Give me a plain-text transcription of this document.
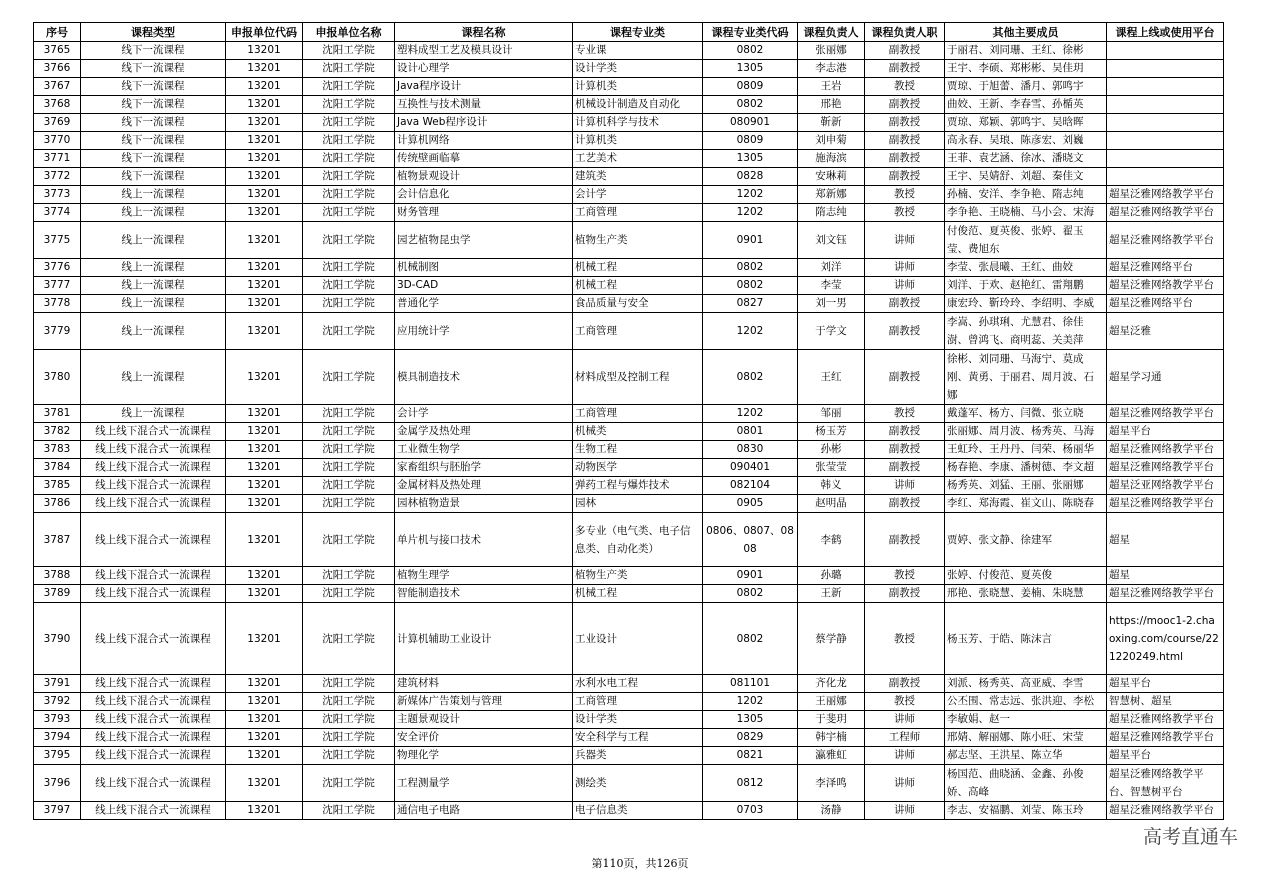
序号	课程类型	申报单位代码	申报单位名称	课程名称	课程专业类	课程专业类代码	课程负责人	课程负责人职	其他主要成员	课程上线或使用平台
3765	线下一流课程	13201	沈阳工学院	塑料成型工艺及模具设计	专业课	0802	张丽娜	副教授	于丽君、刘同珊、王红、徐彬	
3766	线下一流课程	13201	沈阳工学院	设计心理学	设计学类	1305	李志港	副教授	王宇、李硕、郑彬彬、吴佳玥	
3767	线下一流课程	13201	沈阳工学院	Java程序设计	计算机类	0809	王岩	教授	贾琼、于旭蕾、潘月、郭鸣宇	
3768	线下一流课程	13201	沈阳工学院	互换性与技术测量	机械设计制造及自动化	0802	邢艳	副教授	曲姣、王新、李春雪、孙楯英	
3769	线下一流课程	13201	沈阳工学院	Java Web程序设计	计算机科学与技术	080901	靳新	副教授	贾琼、郑颖、郭鸣宇、吴晗晖	
3770	线下一流课程	13201	沈阳工学院	计算机网络	计算机类	0809	刘申菊	副教授	高永春、吴琅、陈彦宏、刘巍	
3771	线下一流课程	13201	沈阳工学院	传统壁画临摹	工艺美术	1305	施海滨	副教授	王菲、袁艺涵、徐冰、潘晓文	
3772	线下一流课程	13201	沈阳工学院	植物景观设计	建筑类	0828	安琳莉	副教授	王宇、吴婧舒、刘超、秦佳文	
3773	线上一流课程	13201	沈阳工学院	会计信息化	会计学	1202	郑新娜	教授	孙楠、安洋、李争艳、隋志纯	超星泛雅网络教学平台
3774	线上一流课程	13201	沈阳工学院	财务管理	工商管理	1202	隋志纯	教授	李争艳、王晓楠、马小会、宋海	超星泛雅网络教学平台
3775	线上一流课程	13201	沈阳工学院	园艺植物昆虫学	植物生产类	0901	刘文钰	讲师	付俊范、夏英俊、张婷、翟玉莹、费旭东	超星泛雅网络教学平台
3776	线上一流课程	13201	沈阳工学院	机械制图	机械工程	0802	刘洋	讲师	李莹、张晨曦、王红、曲姣	超星泛雅网络平台
3777	线上一流课程	13201	沈阳工学院	3D-CAD	机械工程	0802	李莹	讲师	刘洋、于欢、赵艳红、雷翔鹏	超星泛雅网络教学平台
3778	线上一流课程	13201	沈阳工学院	普通化学	食品质量与安全	0827	刘一男	副教授	康宏玲、靳玲玲、李绍明、李威	超星泛雅网络平台
3779	线上一流课程	13201	沈阳工学院	应用统计学	工商管理	1202	于学文	副教授	李嵩、孙琪琍、尤慧君、徐佳澍、曾鸿飞、商明蕊、关美萍	超星泛雅
3780	线上一流课程	13201	沈阳工学院	模具制造技术	材料成型及控制工程	0802	王红	副教授	徐彬、刘同珊、马海宁、莫成刚、黄勇、于丽君、周月波、石娜	超星学习通
3781	线上一流课程	13201	沈阳工学院	会计学	工商管理	1202	邹丽	教授	戴蓬军、杨方、闫微、张立晓	超星泛雅网络教学平台
3782	线上线下混合式一流课程	13201	沈阳工学院	金属学及热处理	机械类	0801	杨玉芳	副教授	张丽娜、周月波、杨秀英、马海	超星平台
3783	线上线下混合式一流课程	13201	沈阳工学院	工业微生物学	生物工程	0830	孙彬	副教授	王虹玲、王丹丹、闫荣、杨丽华	超星泛雅网络教学平台
3784	线上线下混合式一流课程	13201	沈阳工学院	家畜组织与胚胎学	动物医学	090401	张莹莹	副教授	杨春艳、李康、潘树德、李文超	超星泛雅网络教学平台
3785	线上线下混合式一流课程	13201	沈阳工学院	金属材料及热处理	弹药工程与爆炸技术	082104	韩义	讲师	杨秀英、刘猛、王丽、张丽娜	超星泛亚网络教学平台
3786	线上线下混合式一流课程	13201	沈阳工学院	园林植物造景	园林	0905	赵明晶	副教授	李红、郑海霞、崔文山、陈晓春	超星泛雅网络教学平台
3787	线上线下混合式一流课程	13201	沈阳工学院	单片机与接口技术	多专业（电气类、电子信息类、自动化类）	0806、0807、0808	李鹤	副教授	贾婷、张文静、徐建军	超星
3788	线上线下混合式一流课程	13201	沈阳工学院	植物生理学	植物生产类	0901	孙璐	教授	张婷、付俊范、夏英俊	超星
3789	线上线下混合式一流课程	13201	沈阳工学院	智能制造技术	机械工程	0802	王新	副教授	邢艳、张晓慧、姜楠、朱晓慧	超星泛雅网络教学平台
3790	线上线下混合式一流课程	13201	沈阳工学院	计算机辅助工业设计	工业设计	0802	蔡学静	教授	杨玉芳、于皓、陈沫言	https://mooc1-2.chaoxing.com/course/221220249.html
3791	线上线下混合式一流课程	13201	沈阳工学院	建筑材料	水利水电工程	081101	齐化龙	副教授	刘派、杨秀英、高亚威、李雪	超星平台
3792	线上线下混合式一流课程	13201	沈阳工学院	新媒体广告策划与管理	工商管理	1202	王丽娜	教授	公丕围、常志远、张洪迎、李松	智慧树、超星
3793	线上线下混合式一流课程	13201	沈阳工学院	主题景观设计	设计学类	1305	于斐玥	讲师	李敏娟、赵一	超星泛雅网络教学平台
3794	线上线下混合式一流课程	13201	沈阳工学院	安全评价	安全科学与工程	0829	韩宇楠	工程师	邢婧、解丽娜、陈小旺、宋莹	超星泛雅网络教学平台
3795	线上线下混合式一流课程	13201	沈阳工学院	物理化学	兵器类	0821	瀛雅虹	讲师	郝志坚、王洪星、陈立华	超星平台
3796	线上线下混合式一流课程	13201	沈阳工学院	工程测量学	测绘类	0812	李泽鸣	讲师	杨国范、曲晓涵、金鑫、孙俊娇、高峰	超星泛雅网络教学平台、智慧树平台
3797	线上线下混合式一流课程	13201	沈阳工学院	通信电子电路	电子信息类	0703	汤静	讲师	李志、安福鹏、刘莹、陈玉玲	超星泛雅网络教学平台
第110页，共126页
高考直通车
